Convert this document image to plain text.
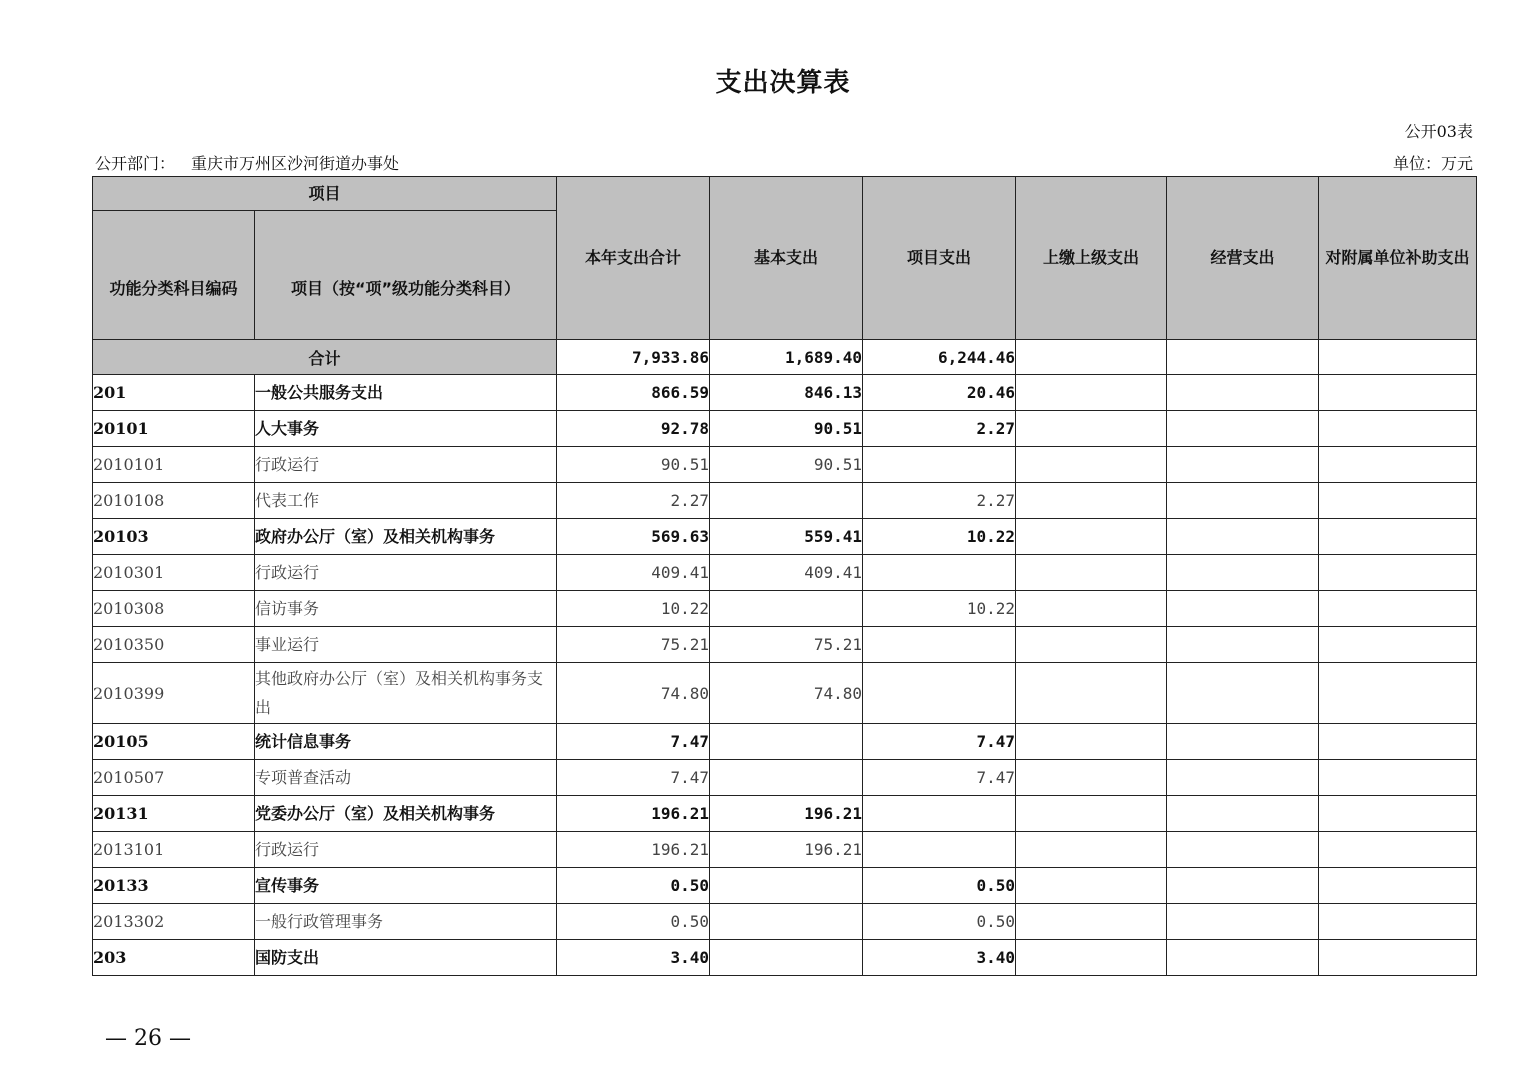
支出决算表
公开03表
公开部门： 重庆市万州区沙河街道办事处	单位：万元
项目		本年支出合计	基本支出	项目支出	上缴上级支出	经营支出	对附属单位补助支出
功能分类科目编码	项目（按“项”级功能分类科目）						
合计		7,933.86	1,689.40	6,244.46			
201	一般公共服务支出	866.59	846.13	20.46			
20101	人大事务	92.78	90.51	2.27			
2010101	行政运行	90.51	90.51				
2010108	代表工作	2.27		2.27			
20103	政府办公厅（室）及相关机构事务	569.63	559.41	10.22			
2010301	行政运行	409.41	409.41				
2010308	信访事务	10.22		10.22			
2010350	事业运行	75.21	75.21				
2010399	其他政府办公厅（室）及相关机构事务支出	74.80	74.80				
20105	统计信息事务	7.47		7.47			
2010507	专项普查活动	7.47		7.47			
20131	党委办公厅（室）及相关机构事务	196.21	196.21				
2013101	行政运行	196.21	196.21				
20133	宣传事务	0.50		0.50			
2013302	一般行政管理事务	0.50		0.50			
203	国防支出	3.40		3.40			
— 26 —
